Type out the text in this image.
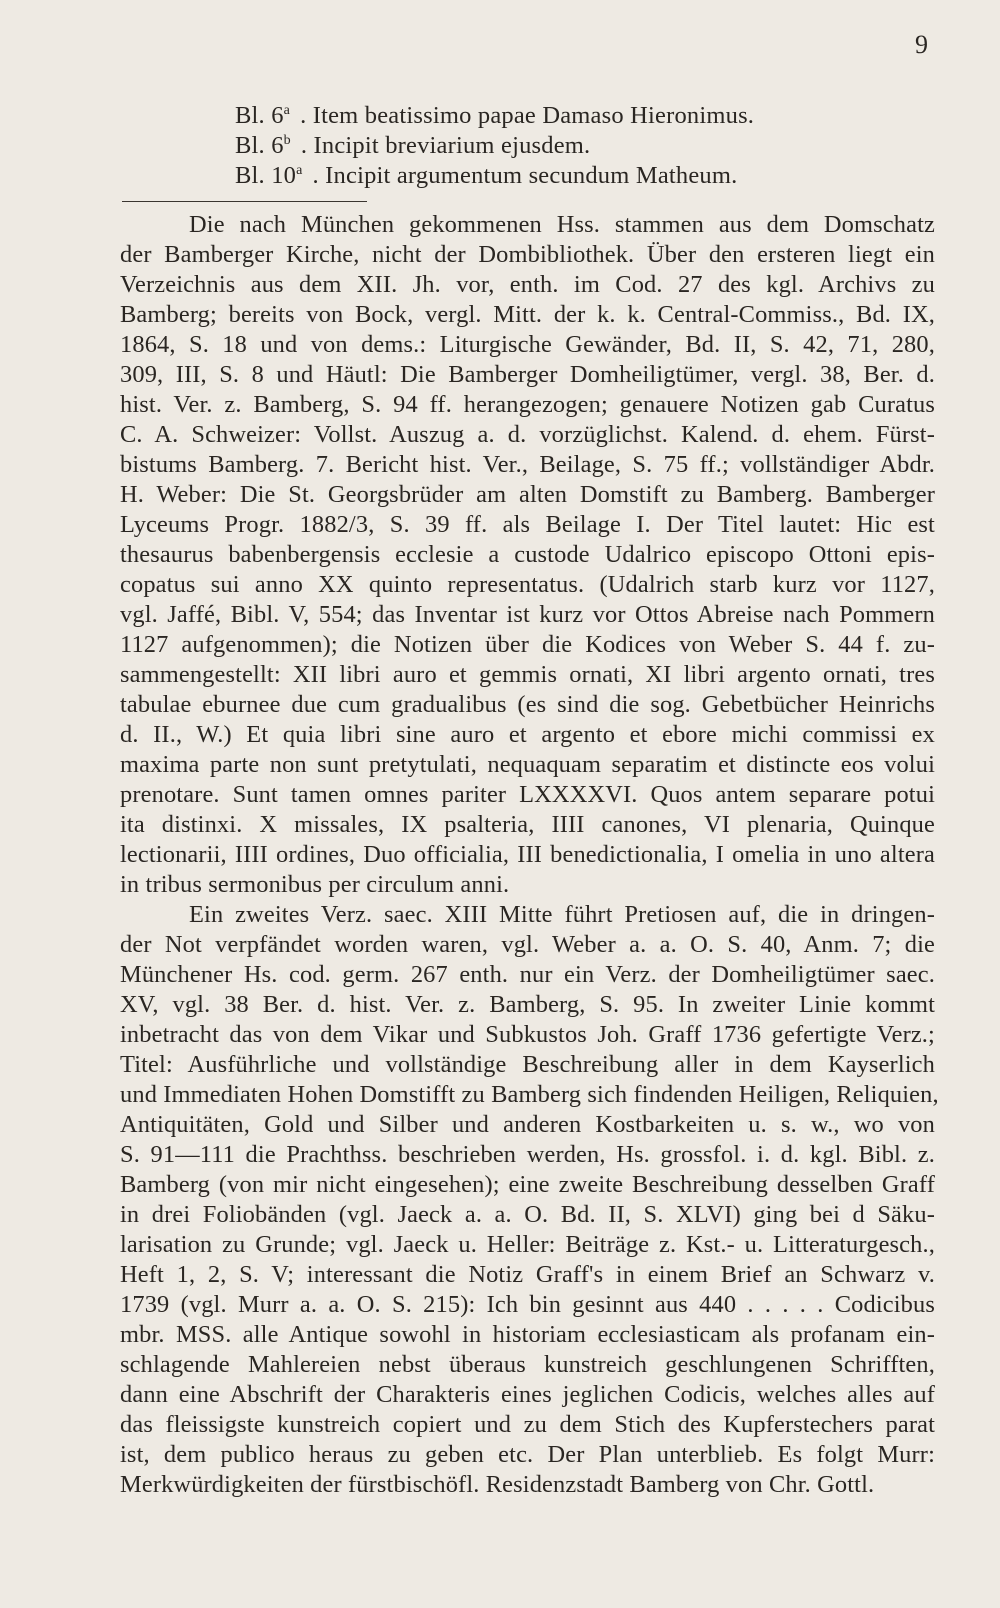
9

Bl. 6$^a$ . Item beatissimo papae Damaso Hieronimus.
Bl. 6$^b$ . Incipit breviarium ejusdem.
Bl. 10$^a$ . Incipit argumentum secundum Matheum.
Die nach München gekommenen Hss. stammen aus dem Domschatz
der Bamberger Kirche, nicht der Dombibliothek. Über den ersteren liegt ein
Verzeichnis aus dem XII. Jh. vor, enth. im Cod. 27 des kgl. Archivs zu
Bamberg; bereits von Bock, vergl. Mitt. der k. k. Central-Commiss., Bd. IX,
1864, S. 18 und von dems.: Liturgische Gewänder, Bd. II, S. 42, 71, 280,
309, III, S. 8 und Häutl: Die Bamberger Domheiligtümer, vergl. 38, Ber. d.
hist. Ver. z. Bamberg, S. 94 ff. herangezogen; genauere Notizen gab Curatus
C. A. Schweizer: Vollst. Auszug a. d. vorzüglichst. Kalend. d. ehem. Fürst-
bistums Bamberg. 7. Bericht hist. Ver., Beilage, S. 75 ff.; vollständiger Abdr.
H. Weber: Die St. Georgsbrüder am alten Domstift zu Bamberg. Bamberger
Lyceums Progr. 1882/3, S. 39 ff. als Beilage I. Der Titel lautet: Hic est
thesaurus babenbergensis ecclesie a custode Udalrico episcopo Ottoni epis-
copatus sui anno XX quinto representatus. (Udalrich starb kurz vor 1127,
vgl. Jaffé, Bibl. V, 554; das Inventar ist kurz vor Ottos Abreise nach Pommern
1127 aufgenommen); die Notizen über die Kodices von Weber S. 44 f. zu-
sammengestellt: XII libri auro et gemmis ornati, XI libri argento ornati, tres
tabulae eburnee due cum gradualibus (es sind die sog. Gebetbücher Heinrichs
d. II., W.) Et quia libri sine auro et argento et ebore michi commissi ex
maxima parte non sunt pretytulati, nequaquam separatim et distincte eos volui
prenotare. Sunt tamen omnes pariter LXXXXVI. Quos antem separare potui
ita distinxi. X missales, IX psalteria, IIII canones, VI plenaria, Quinque
lectionarii, IIII ordines, Duo officialia, III benedictionalia, I omelia in uno altera
in tribus sermonibus per circulum anni.
Ein zweites Verz. saec. XIII Mitte führt Pretiosen auf, die in dringen-
der Not verpfändet worden waren, vgl. Weber a. a. O. S. 40, Anm. 7; die
Münchener Hs. cod. germ. 267 enth. nur ein Verz. der Domheiligtümer saec.
XV, vgl. 38 Ber. d. hist. Ver. z. Bamberg, S. 95. In zweiter Linie kommt
inbetracht das von dem Vikar und Subkustos Joh. Graff 1736 gefertigte Verz.;
Titel: Ausführliche und vollständige Beschreibung aller in dem Kayserlich
und Immediaten Hohen Domstifft zu Bamberg sich findenden Heiligen, Reliquien,
Antiquitäten, Gold und Silber und anderen Kostbarkeiten u. s. w., wo von
S. 91—111 die Prachthss. beschrieben werden, Hs. grossfol. i. d. kgl. Bibl. z.
Bamberg (von mir nicht eingesehen); eine zweite Beschreibung desselben Graff
in drei Foliobänden (vgl. Jaeck a. a. O. Bd. II, S. XLVI) ging bei d Säku-
larisation zu Grunde; vgl. Jaeck u. Heller: Beiträge z. Kst.- u. Litteraturgesch.,
Heft 1, 2, S. V; interessant die Notiz Graff's in einem Brief an Schwarz v.
1739 (vgl. Murr a. a. O. S. 215): Ich bin gesinnt aus 440 . . . . . Codicibus
mbr. MSS. alle Antique sowohl in historiam ecclesiasticam als profanam ein-
schlagende Mahlereien nebst überaus kunstreich geschlungenen Schrifften,
dann eine Abschrift der Charakteris eines jeglichen Codicis, welches alles auf
das fleissigste kunstreich copiert und zu dem Stich des Kupferstechers parat
ist, dem publico heraus zu geben etc. Der Plan unterblieb. Es folgt Murr:
Merkwürdigkeiten der fürstbischöfl. Residenzstadt Bamberg von Chr. Gottl.
